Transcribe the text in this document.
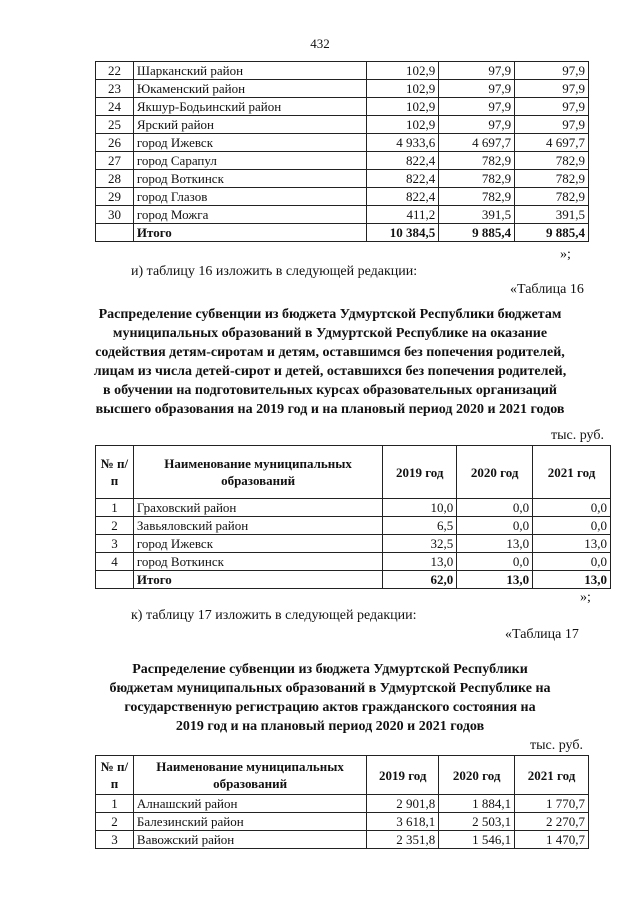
432
22	Шарканский район	102,9	97,9	97,9
23	Юкаменский район	102,9	97,9	97,9
24	Якшур-Бодьинский район	102,9	97,9	97,9
25	Ярский район	102,9	97,9	97,9
26	город Ижевск	4 933,6	4 697,7	4 697,7
27	город Сарапул	822,4	782,9	782,9
28	город Воткинск	822,4	782,9	782,9
29	город Глазов	822,4	782,9	782,9
30	город Можга	411,2	391,5	391,5
	Итого	10 384,5	9 885,4	9 885,4
»;
и) таблицу 16 изложить в следующей редакции:
«Таблица 16
Распределение субвенции из бюджета Удмуртской Республики бюджетам
муниципальных образований в Удмуртской Республике на оказание
содействия детям-сиротам и детям, оставшимся без попечения родителей,
лицам из числа детей-сирот и детей, оставшихся без попечения родителей,
в обучении на подготовительных курсах образовательных организаций
высшего образования на 2019 год и на плановый период 2020 и 2021 годов
тыс. руб.
№ п/п	Наименование муниципальных образований	2019 год	2020 год	2021 год
1	Граховский район	10,0	0,0	0,0
2	Завьяловский район	6,5	0,0	0,0
3	город Ижевск	32,5	13,0	13,0
4	город Воткинск	13,0	0,0	0,0
	Итого	62,0	13,0	13,0
»;
к) таблицу 17 изложить в следующей редакции:
«Таблица 17
Распределение субвенции из бюджета Удмуртской Республики
бюджетам муниципальных образований в Удмуртской Республике на
государственную регистрацию актов гражданского состояния на
2019 год и на плановый период 2020 и 2021 годов
тыс. руб.
№ п/п	Наименование муниципальных образований	2019 год	2020 год	2021 год
1	Алнашский район	2 901,8	1 884,1	1 770,7
2	Балезинский район	3 618,1	2 503,1	2 270,7
3	Вавожский район	2 351,8	1 546,1	1 470,7
